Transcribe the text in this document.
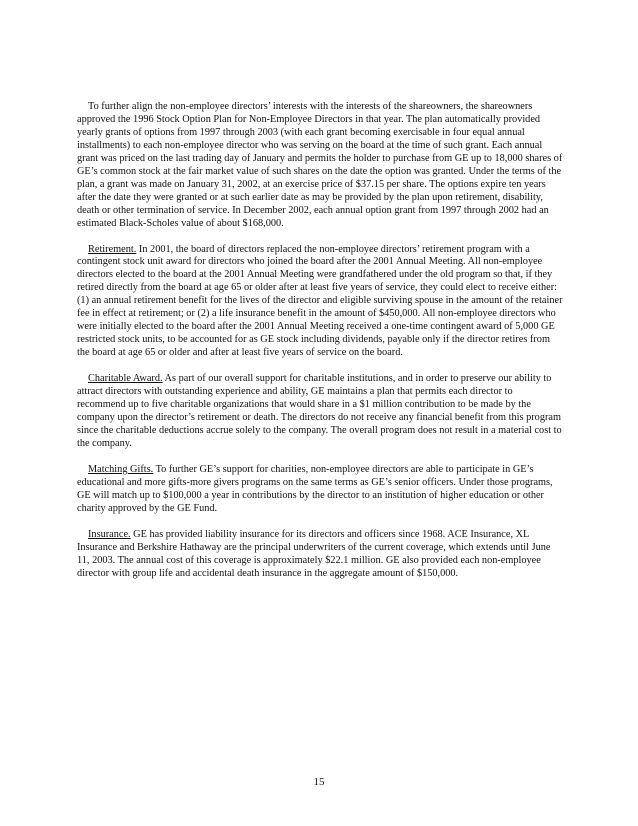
To further align the non-employee directors’ interests with the interests of the shareowners, the shareowners approved the 1996 Stock Option Plan for Non-Employee Directors in that year. The plan automatically provided yearly grants of options from 1997 through 2003 (with each grant becoming exercisable in four equal annual installments) to each non-employee director who was serving on the board at the time of such grant. Each annual grant was priced on the last trading day of January and permits the holder to purchase from GE up to 18,000 shares of GE’s common stock at the fair market value of such shares on the date the option was granted. Under the terms of the plan, a grant was made on January 31, 2002, at an exercise price of $37.15 per share. The options expire ten years after the date they were granted or at such earlier date as may be provided by the plan upon retirement, disability, death or other termination of service. In December 2002, each annual option grant from 1997 through 2002 had an estimated Black-Scholes value of about $168,000.

Retirement. In 2001, the board of directors replaced the non-employee directors’ retirement program with a contingent stock unit award for directors who joined the board after the 2001 Annual Meeting. All non-employee directors elected to the board at the 2001 Annual Meeting were grandfathered under the old program so that, if they retired directly from the board at age 65 or older after at least five years of service, they could elect to receive either: (1) an annual retirement benefit for the lives of the director and eligible surviving spouse in the amount of the retainer fee in effect at retirement; or (2) a life insurance benefit in the amount of $450,000. All non-employee directors who were initially elected to the board after the 2001 Annual Meeting received a one-time contingent award of 5,000 GE restricted stock units, to be accounted for as GE stock including dividends, payable only if the director retires from the board at age 65 or older and after at least five years of service on the board.

Charitable Award. As part of our overall support for charitable institutions, and in order to preserve our ability to attract directors with outstanding experience and ability, GE maintains a plan that permits each director to recommend up to five charitable organizations that would share in a $1 million contribution to be made by the company upon the director’s retirement or death. The directors do not receive any financial benefit from this program since the charitable deductions accrue solely to the company. The overall program does not result in a material cost to the company.

Matching Gifts. To further GE’s support for charities, non-employee directors are able to participate in GE’s educational and more gifts-more givers programs on the same terms as GE’s senior officers. Under those programs, GE will match up to $100,000 a year in contributions by the director to an institution of higher education or other charity approved by the GE Fund.

Insurance. GE has provided liability insurance for its directors and officers since 1968. ACE Insurance, XL Insurance and Berkshire Hathaway are the principal underwriters of the current coverage, which extends until June 11, 2003. The annual cost of this coverage is approximately $22.1 million. GE also provided each non-employee director with group life and accidental death insurance in the aggregate amount of $150,000.

15
